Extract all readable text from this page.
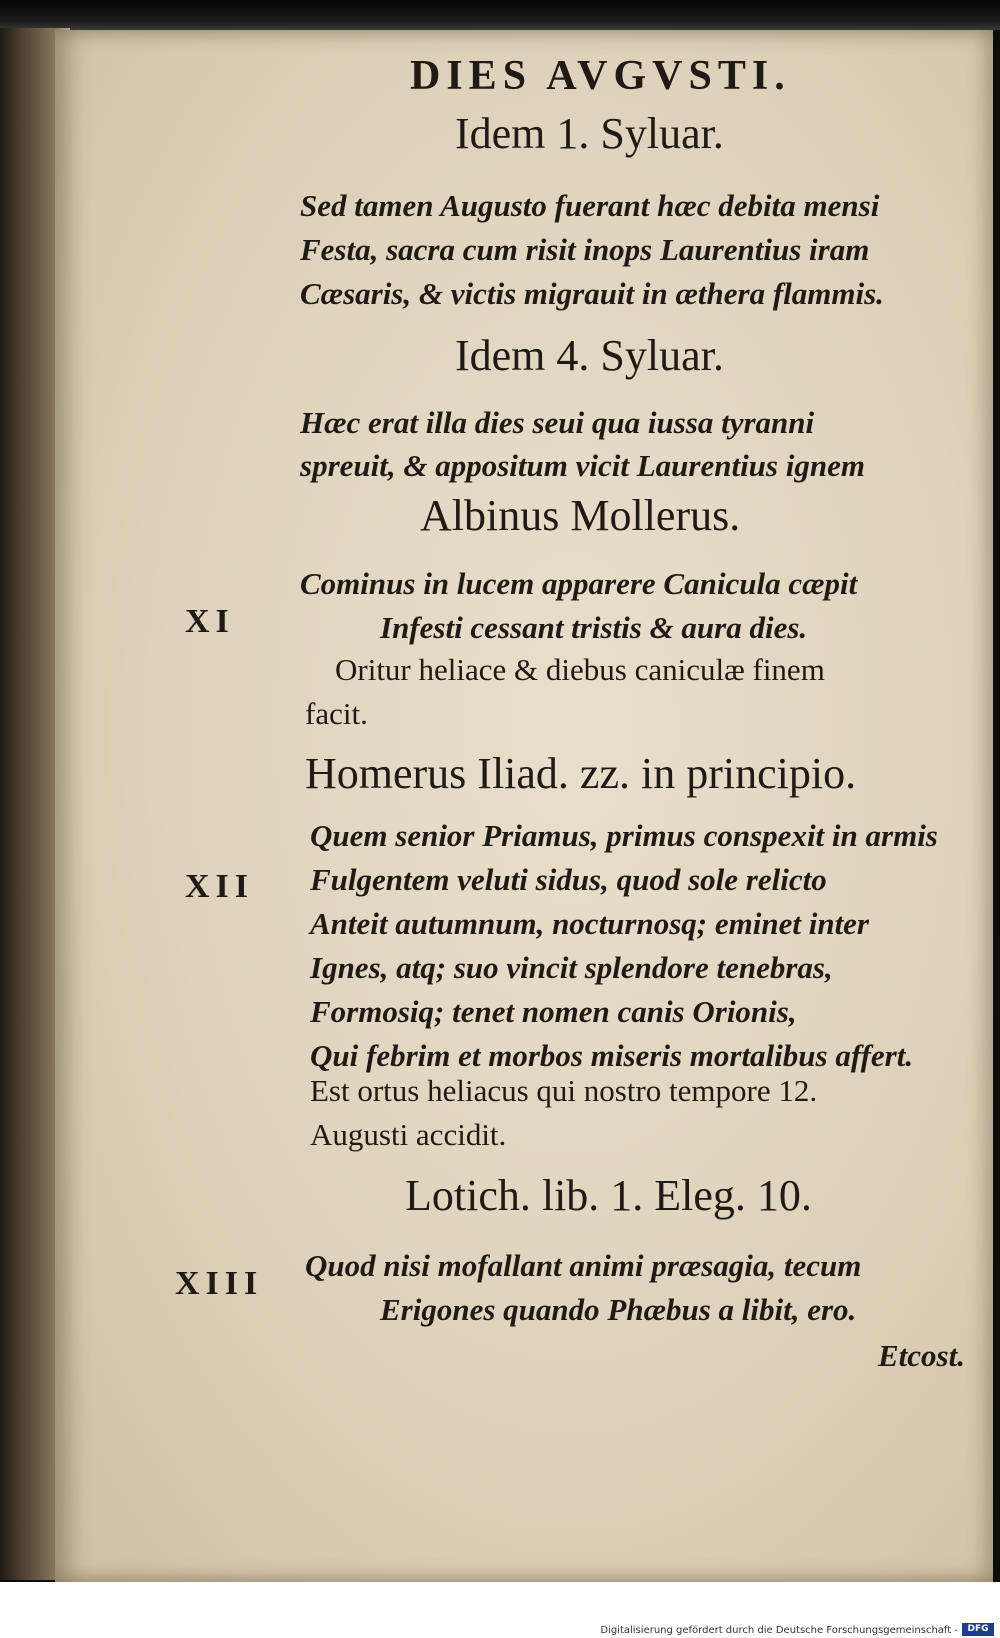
DIES AVGVSTI.
Idem 1. Syluar.
Sed tamen Augusto fuerant hæc debita mensi
Festa, sacra cum risit inops Laurentius iram
Cæsaris, & victis migrauit in æthera flammis.
Idem 4. Syluar.
Hæc erat illa dies seui qua iussa tyranni
spreuit, & appositum vicit Laurentius ignem
Albinus Mollerus.
Cominus in lucem apparere Canicula cæpit
Infesti cessant tristis & aura dies.
Oritur heliace & diebus caniculæ finem
facit.
XI
Homerus Iliad. zz. in principio.
Quem senior Priamus, primus conspexit in armis
Fulgentem veluti sidus, quod sole relicto
Anteit autumnum, nocturnosq; eminet inter
Ignes, atq; suo vincit splendore tenebras,
Formosiq; tenet nomen canis Orionis,
Qui febrim et morbos miseris mortalibus affert.
Est ortus heliacus qui nostro tempore 12.
Augusti accidit.
XII
Lotich. lib. 1. Eleg. 10.
Quod nisi mofallant animi præsagia, tecum
Erigones quando Phæbus a libit, ero.
Etcost.
XIII
Digitalisierung gefördert durch die Deutsche Forschungsgemeinschaft -	DFG
